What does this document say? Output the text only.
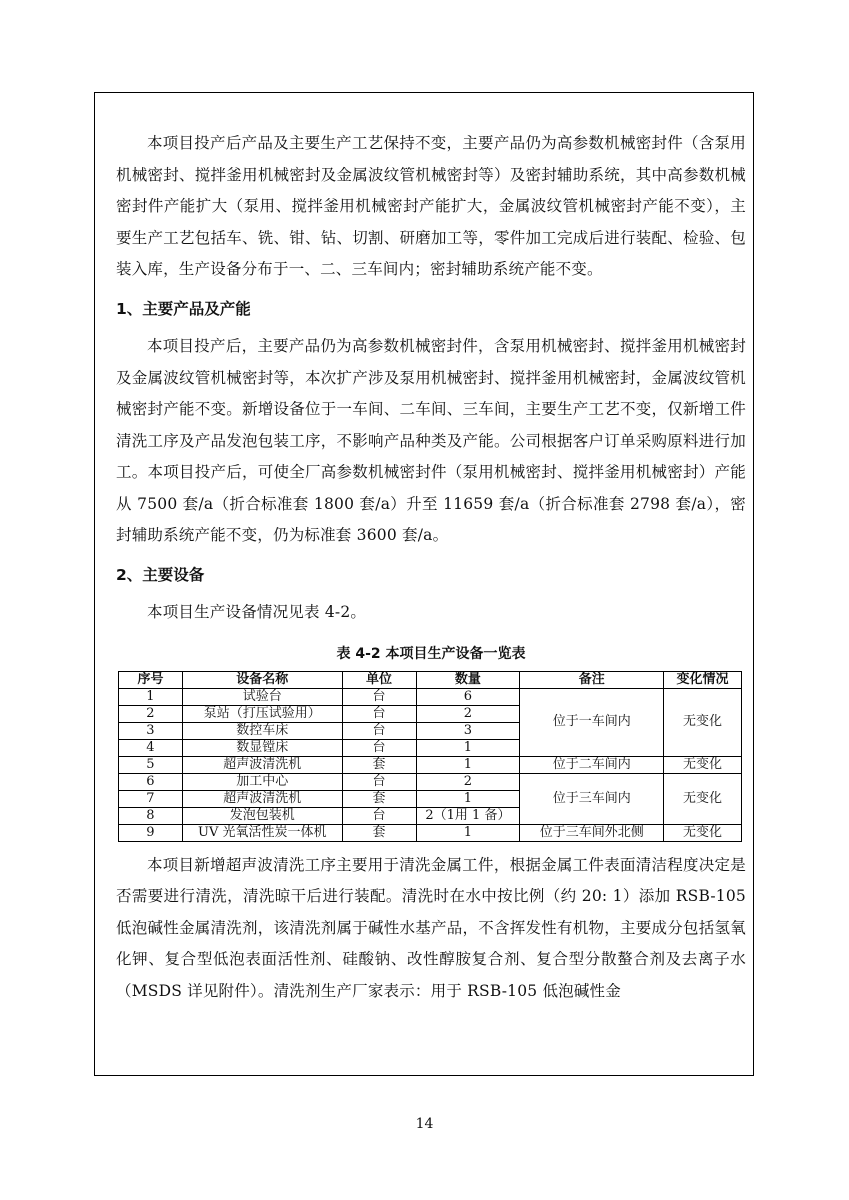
本项目投产后产品及主要生产工艺保持不变，主要产品仍为高参数机械密封件（含泵用机械密封、搅拌釜用机械密封及金属波纹管机械密封等）及密封辅助系统，其中高参数机械密封件产能扩大（泵用、搅拌釜用机械密封产能扩大，金属波纹管机械密封产能不变），主要生产工艺包括车、铣、钳、钻、切割、研磨加工等，零件加工完成后进行装配、检验、包装入库，生产设备分布于一、二、三车间内；密封辅助系统产能不变。

1、主要产品及产能

本项目投产后，主要产品仍为高参数机械密封件，含泵用机械密封、搅拌釜用机械密封及金属波纹管机械密封等，本次扩产涉及泵用机械密封、搅拌釜用机械密封，金属波纹管机械密封产能不变。新增设备位于一车间、二车间、三车间，主要生产工艺不变，仅新增工件清洗工序及产品发泡包装工序，不影响产品种类及产能。公司根据客户订单采购原料进行加工。本项目投产后，可使全厂高参数机械密封件（泵用机械密封、搅拌釜用机械密封）产能从 7500 套/a（折合标准套 1800 套/a）升至 11659 套/a（折合标准套 2798 套/a），密封辅助系统产能不变，仍为标准套 3600 套/a。

2、主要设备

本项目生产设备情况见表 4-2。

表 4-2 本项目生产设备一览表
序号	设备名称	单位	数量	备注	变化情况
1	试验台	台	6	位于一车间内	无变化
2	泵站（打压试验用）	台	2		
3	数控车床	台	3		
4	数显镗床	台	1		
5	超声波清洗机	套	1	位于二车间内	无变化
6	加工中心	台	2	位于三车间内	无变化
7	超声波清洗机	套	1		
8	发泡包装机	台	2（1用 1 备）		
9	UV 光氧活性炭一体机	套	1	位于三车间外北侧	无变化

本项目新增超声波清洗工序主要用于清洗金属工件，根据金属工件表面清洁程度决定是否需要进行清洗，清洗晾干后进行装配。清洗时在水中按比例（约 20: 1）添加 RSB-105 低泡碱性金属清洗剂，该清洗剂属于碱性水基产品，不含挥发性有机物，主要成分包括氢氧化钾、复合型低泡表面活性剂、硅酸钠、改性醇胺复合剂、复合型分散螯合剂及去离子水（MSDS 详见附件）。清洗剂生产厂家表示：用于 RSB-105 低泡碱性金

14
